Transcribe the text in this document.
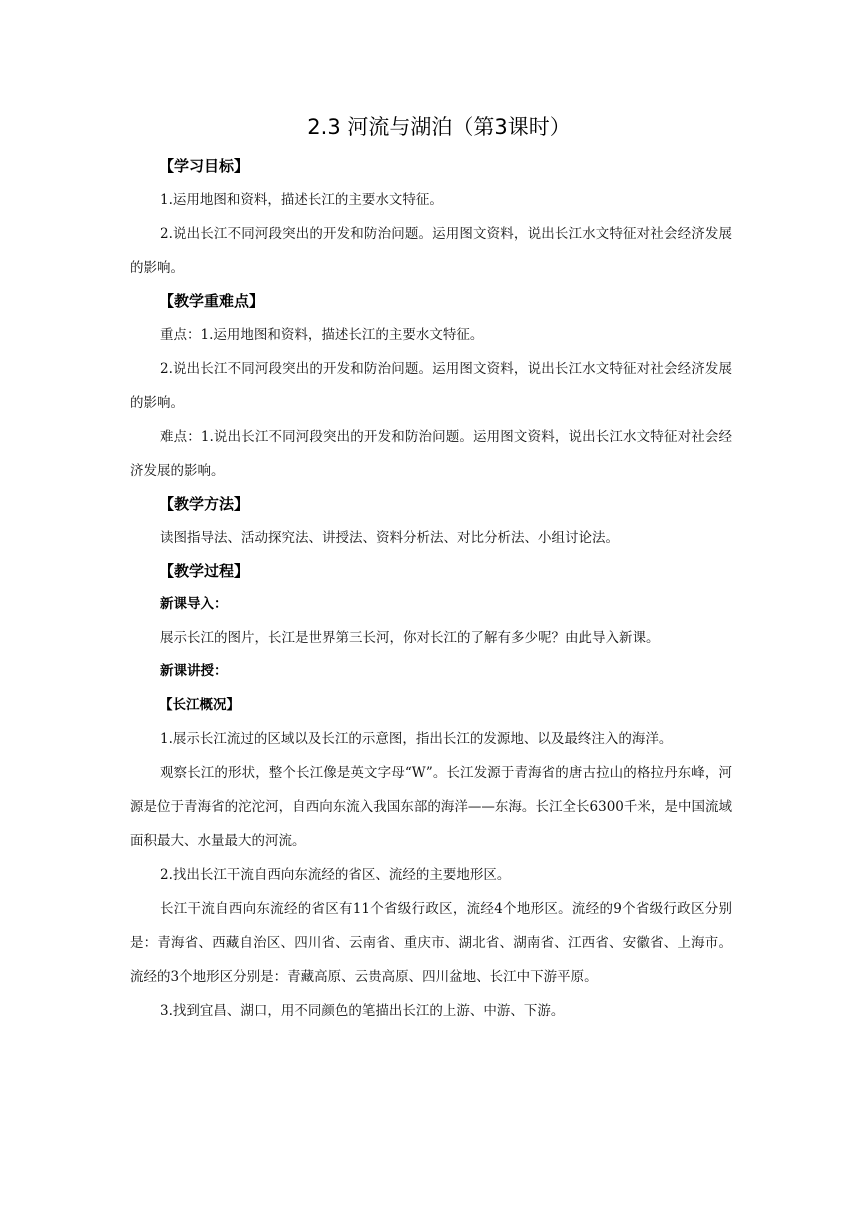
2.3 河流与湖泊（第3课时）
【学习目标】

1.运用地图和资料，描述长江的主要水文特征。

2.说出长江不同河段突出的开发和防治问题。运用图文资料，说出长江水文特征对社会经济发展的影响。

【教学重难点】

重点：1.运用地图和资料，描述长江的主要水文特征。

2.说出长江不同河段突出的开发和防治问题。运用图文资料，说出长江水文特征对社会经济发展的影响。

难点：1.说出长江不同河段突出的开发和防治问题。运用图文资料，说出长江水文特征对社会经济发展的影响。

【教学方法】

读图指导法、活动探究法、讲授法、资料分析法、对比分析法、小组讨论法。

【教学过程】
新课导入：

展示长江的图片，长江是世界第三长河，你对长江的了解有多少呢？由此导入新课。

新课讲授：
【长江概况】

1.展示长江流过的区域以及长江的示意图，指出长江的发源地、以及最终注入的海洋。

观察长江的形状，整个长江像是英文字母“W”。长江发源于青海省的唐古拉山的格拉丹东峰，河源是位于青海省的沱沱河，自西向东流入我国东部的海洋——东海。长江全长6300千米，是中国流域面积最大、水量最大的河流。

2.找出长江干流自西向东流经的省区、流经的主要地形区。

长江干流自西向东流经的省区有11个省级行政区，流经4个地形区。流经的9个省级行政区分别是：青海省、西藏自治区、四川省、云南省、重庆市、湖北省、湖南省、江西省、安徽省、上海市。流经的3个地形区分别是：青藏高原、云贵高原、四川盆地、长江中下游平原。

3.找到宜昌、湖口，用不同颜色的笔描出长江的上游、中游、下游。
